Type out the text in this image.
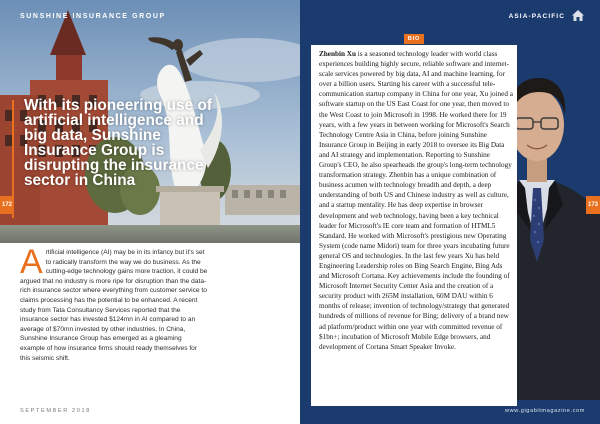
SUNSHINE INSURANCE GROUP
With its pioneering use of artificial intelligence and big data, Sunshine Insurance Group is disrupting the insurance sector in China
172

Artificial intelligence (AI) may be in its infancy but it's set to radically transform the way we do business. As the cutting-edge technology gains more traction, it could be argued that no industry is more ripe for disruption than the data-rich insurance sector where everything from customer service to claims processing has the potential to be enhanced. A recent study from Tata Consultancy Services reported that the insurance sector has invested $124mn in AI compared to an average of $70mn invested by other industries. In China, Sunshine Insurance Group has emerged as a gleaming example of how insurance firms should ready themselves for this seismic shift.

SEPTEMBER 2018
ASIA-PACIFIC
BIO

Zhenbin Xu is a seasoned technology leader with world class experiences building highly secure, reliable software and internet-scale services powered by big data, AI and machine learning, for over a billion users. Starting his career with a successful tele-communication startup company in China for one year, Xu joined a software startup on the US East Coast for one year, then moved to the West Coast to join Microsoft in 1998. He worked there for 19 years, with a few years in between working for Microsoft's Search Technology Centre Asia in China, before joining Sunshine Insurance Group in Beijing in early 2018 to oversee its Big Data and AI strategy and implementation. Reporting to Sunshine Group's CEO, he also spearheads the group's long-term technology transformation strategy. Zhenbin has a unique combination of business acumen with technology breadth and depth, a deep understanding of both US and Chinese industry as well as culture, and a startup mentality. He has deep expertise in browser development and web technology, having been a key technical leader for Microsoft's IE core team and formation of HTML5 Standard. He worked with Microsoft's prestigious new Operating System (code name Midori) team for three years incubating future general OS and technologies. In the last few years Xu has held Engineering Leadership roles on Bing Search Engine, Bing Ads and Microsoft Cortana. Key achievements include the founding of Microsoft Internet Security Center Asia and the creation of a security product with 265M installation, 60M DAU within 6 months of release; invention of technology/strategy that generated hundreds of millions of revenue for Bing; delivery of a brand new ad platform/product within one year with committed revenue of $1bn+; incubation of Microsoft Mobile Edge browsers, and development of Cortana Smart Speaker Invoke.

173
www.gigabitmagazine.com
